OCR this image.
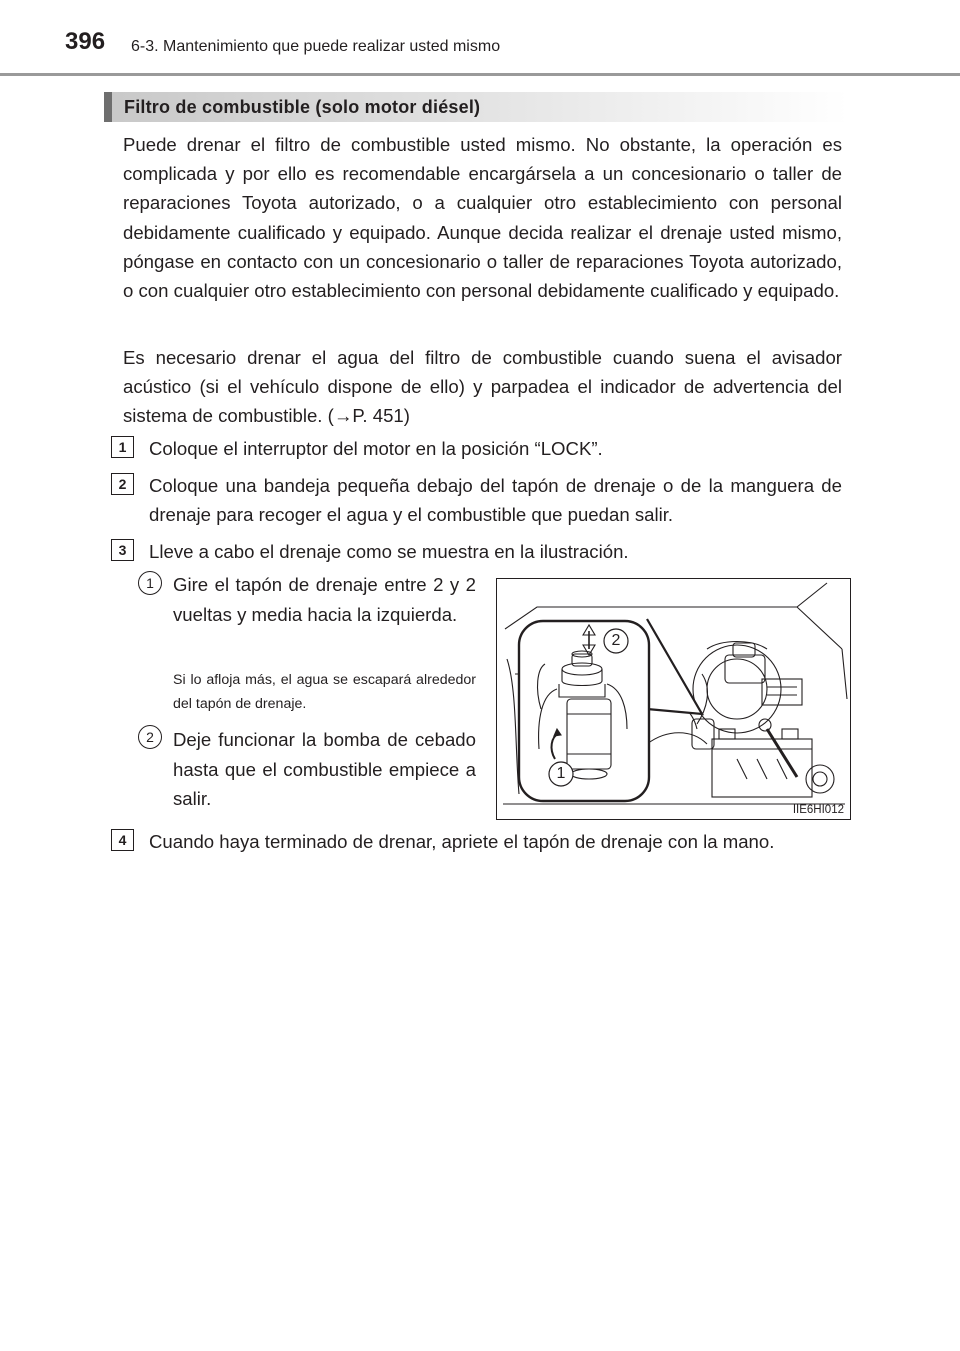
396 6-3. Mantenimiento que puede realizar usted mismo
Filtro de combustible (solo motor diésel)

Puede drenar el filtro de combustible usted mismo. No obstante, la operación es complicada y por ello es recomendable encargársela a un concesionario o taller de reparaciones Toyota autorizado, o a cualquier otro establecimiento con personal debidamente cualificado y equipado. Aunque decida realizar el drenaje usted mismo, póngase en contacto con un concesionario o taller de reparaciones Toyota autorizado, o con cualquier otro establecimiento con personal debidamente cualificado y equipado.

Es necesario drenar el agua del filtro de combustible cuando suena el avisador acústico (si el vehículo dispone de ello) y parpadea el indicador de advertencia del sistema de combustible. (→P. 451)

1	Coloque el interruptor del motor en la posición “LOCK”.

2	Coloque una bandeja pequeña debajo del tapón de drenaje o de la manguera de drenaje para recoger el agua y el combustible que puedan salir.

3	Lleve a cabo el drenaje como se muestra en la ilustración.

1	Gire el tapón de drenaje entre 2 y 2 vueltas y media hacia la izquierda.

Si lo afloja más, el agua se escapará alrededor del tapón de drenaje.

2	Deje funcionar la bomba de cebado hasta que el combustible empiece a salir.

2
1
IIE6HI012
4	Cuando haya terminado de drenar, apriete el tapón de drenaje con la mano.
